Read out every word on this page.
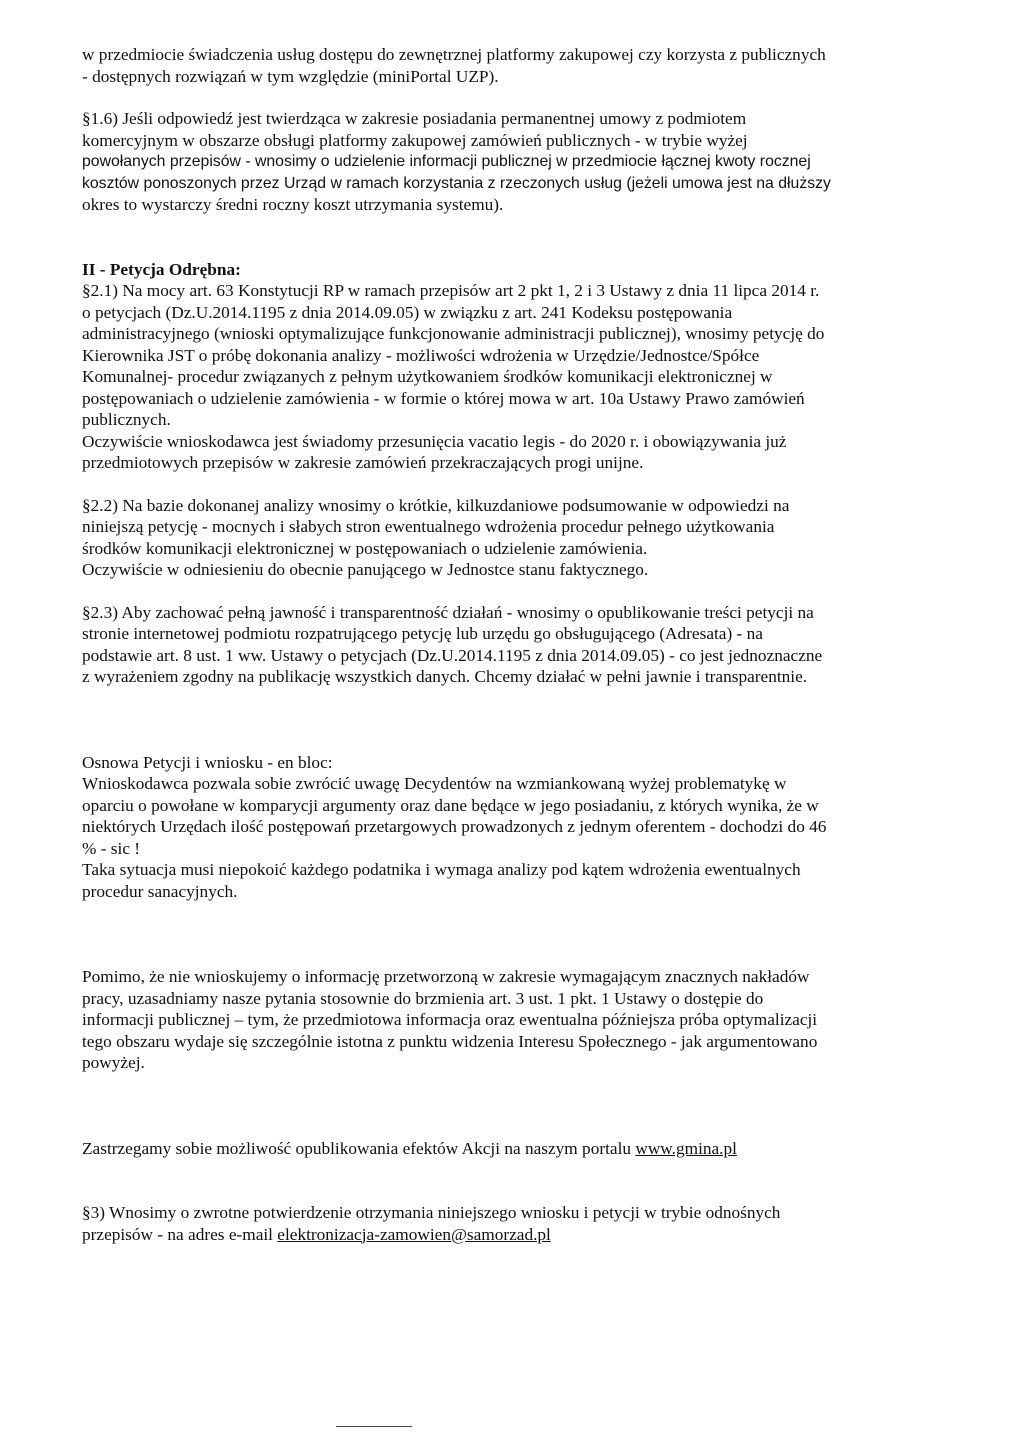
w przedmiocie świadczenia usług dostępu do zewnętrznej platformy zakupowej czy korzysta z publicznych
- dostępnych rozwiązań w tym względzie (miniPortal UZP).

§1.6) Jeśli odpowiedź jest twierdząca w zakresie posiadania permanentnej umowy z podmiotem
komercyjnym w obszarze obsługi platformy zakupowej zamówień publicznych - w trybie wyżej
powołanych przepisów - wnosimy o udzielenie informacji publicznej w przedmiocie łącznej kwoty rocznej
kosztów ponoszonych przez Urząd w ramach korzystania z rzeczonych usług (jeżeli umowa jest na dłuższy
okres to wystarczy średni roczny koszt utrzymania systemu).

II - Petycja Odrębna:

§2.1) Na mocy art. 63 Konstytucji RP w ramach przepisów art 2 pkt 1, 2 i 3 Ustawy z dnia 11 lipca 2014 r.
o petycjach (Dz.U.2014.1195 z dnia 2014.09.05) w związku z art. 241 Kodeksu postępowania
administracyjnego (wnioski optymalizujące funkcjonowanie administracji publicznej), wnosimy petycję do
Kierownika JST o próbę dokonania analizy - możliwości wdrożenia w Urzędzie/Jednostce/Spółce
Komunalnej- procedur związanych z pełnym użytkowaniem środków komunikacji elektronicznej w
postępowaniach o udzielenie zamówienia - w formie o której mowa w art. 10a Ustawy Prawo zamówień
publicznych.
Oczywiście wnioskodawca jest świadomy przesunięcia vacatio legis - do 2020 r. i obowiązywania już
przedmiotowych przepisów w zakresie zamówień przekraczających progi unijne.

§2.2) Na bazie dokonanej analizy wnosimy o krótkie, kilkuzdaniowe podsumowanie w odpowiedzi na
niniejszą petycję - mocnych i słabych stron ewentualnego wdrożenia procedur pełnego użytkowania
środków komunikacji elektronicznej w postępowaniach o udzielenie zamówienia.
Oczywiście w odniesieniu do obecnie panującego w Jednostce stanu faktycznego.

§2.3) Aby zachować pełną jawność i transparentność działań - wnosimy o opublikowanie treści petycji na
stronie internetowej podmiotu rozpatrującego petycję lub urzędu go obsługującego (Adresata) - na
podstawie art. 8 ust. 1 ww. Ustawy o petycjach (Dz.U.2014.1195 z dnia 2014.09.05) - co jest jednoznaczne
z wyrażeniem zgodny na publikację wszystkich danych. Chcemy działać w pełni jawnie i transparentnie.

Osnowa Petycji i wniosku - en bloc:
Wnioskodawca pozwala sobie zwrócić uwagę Decydentów na wzmiankowaną wyżej problematykę w
oparciu o powołane w komparycji argumenty oraz dane będące w jego posiadaniu, z których wynika, że w
niektórych Urzędach ilość postępowań przetargowych prowadzonych z jednym oferentem - dochodzi do 46
% - sic !
Taka sytuacja musi niepokoić każdego podatnika i wymaga analizy pod kątem wdrożenia ewentualnych
procedur sanacyjnych.

Pomimo, że nie wnioskujemy o informację przetworzoną w zakresie wymagającym znacznych nakładów
pracy, uzasadniamy nasze pytania stosownie do brzmienia art. 3 ust. 1 pkt. 1 Ustawy o dostępie do
informacji publicznej – tym, że przedmiotowa informacja oraz ewentualna późniejsza próba optymalizacji
tego obszaru wydaje się szczególnie istotna z punktu widzenia Interesu Społecznego - jak argumentowano
powyżej.

Zastrzegamy sobie możliwość opublikowania efektów Akcji na naszym portalu www.gmina.pl

§3) Wnosimy o zwrotne potwierdzenie otrzymania niniejszego wniosku i petycji w trybie odnośnych
przepisów - na adres e-mail elektronizacja-zamowien@samorzad.pl
